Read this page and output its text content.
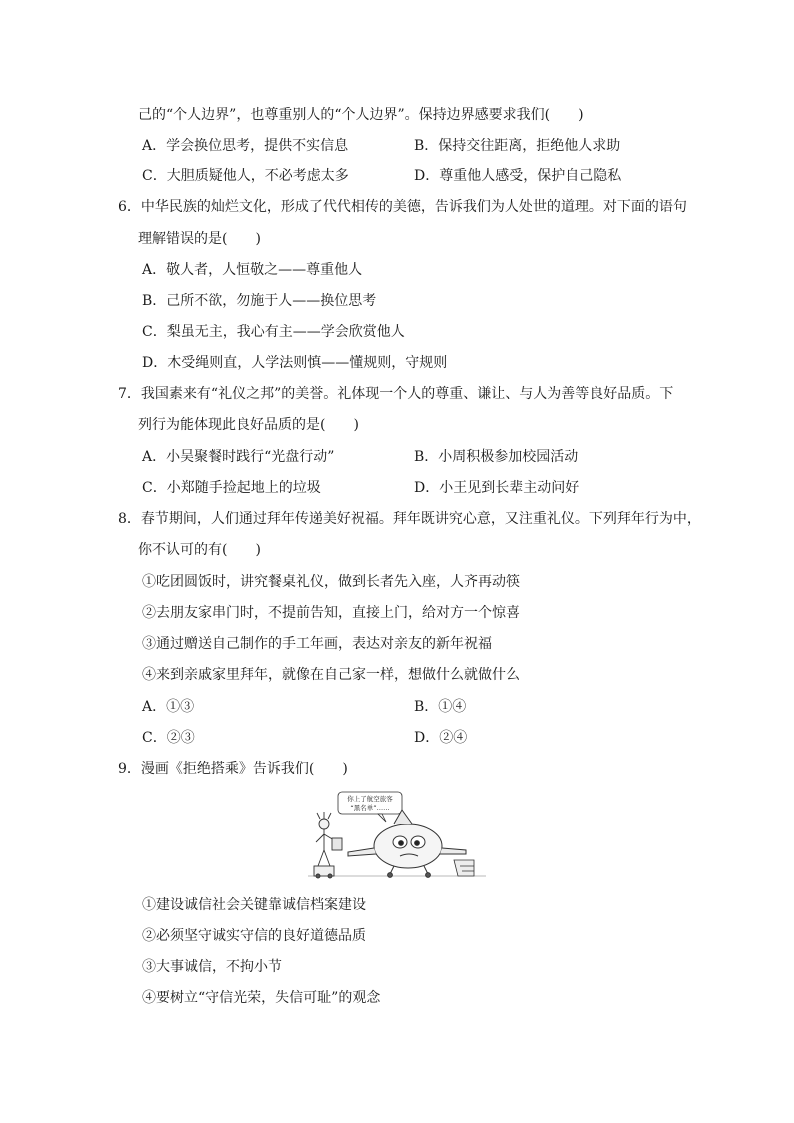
己的“个人边界”，也尊重别人的“个人边界”。保持边界感要求我们(　　)
A．学会换位思考，提供不实信息	B．保持交往距离，拒绝他人求助
C．大胆质疑他人，不必考虑太多	D．尊重他人感受，保护自己隐私
6．中华民族的灿烂文化，形成了代代相传的美德，告诉我们为人处世的道理。对下面的语句
理解错误的是(　　)
A．敬人者，人恒敬之——尊重他人
B．己所不欲，勿施于人——换位思考
C．梨虽无主，我心有主——学会欣赏他人
D．木受绳则直，人学法则慎——懂规则，守规则
7．我国素来有“礼仪之邦”的美誉。礼体现一个人的尊重、谦让、与人为善等良好品质。下
列行为能体现此良好品质的是(　　)
A．小吴聚餐时践行“光盘行动”	B．小周积极参加校园活动
C．小郑随手捡起地上的垃圾	D．小王见到长辈主动问好
8．春节期间，人们通过拜年传递美好祝福。拜年既讲究心意，又注重礼仪。下列拜年行为中，
你不认可的有(　　)
①吃团圆饭时，讲究餐桌礼仪，做到长者先入座，人齐再动筷
②去朋友家串门时，不提前告知，直接上门，给对方一个惊喜
③通过赠送自己制作的手工年画，表达对亲友的新年祝福
④来到亲戚家里拜年，就像在自己家一样，想做什么就做什么
A．①③	B．①④
C．②③	D．②④
9．漫画《拒绝搭乘》告诉我们(　　)
你上了航空旅客
“黑名单”……
①建设诚信社会关键靠诚信档案建设
②必须坚守诚实守信的良好道德品质
③大事诚信，不拘小节
④要树立“守信光荣，失信可耻”的观念
